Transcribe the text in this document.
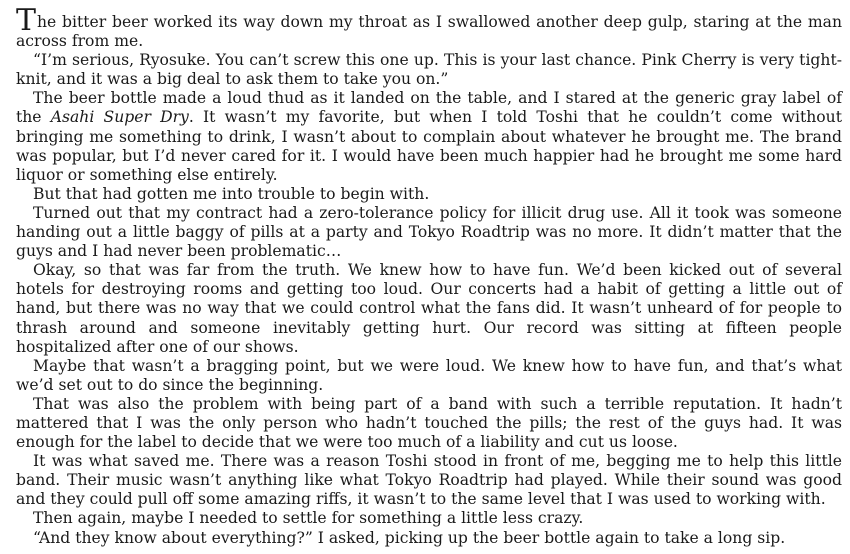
The bitter beer worked its way down my throat as I swallowed another deep gulp, staring at the man across from me.

“I’m serious, Ryosuke. You can’t screw this one up. This is your last chance. Pink Cherry is very tight-knit, and it was a big deal to ask them to take you on.”

The beer bottle made a loud thud as it landed on the table, and I stared at the generic gray label of the Asahi Super Dry. It wasn’t my favorite, but when I told Toshi that he couldn’t come without bringing me something to drink, I wasn’t about to complain about whatever he brought me. The brand was popular, but I’d never cared for it. I would have been much happier had he brought me some hard liquor or something else entirely.

But that had gotten me into trouble to begin with.

Turned out that my contract had a zero-tolerance policy for illicit drug use. All it took was someone handing out a little baggy of pills at a party and Tokyo Roadtrip was no more. It didn’t matter that the guys and I had never been problematic…

Okay, so that was far from the truth. We knew how to have fun. We’d been kicked out of several hotels for destroying rooms and getting too loud. Our concerts had a habit of getting a little out of hand, but there was no way that we could control what the fans did. It wasn’t unheard of for people to thrash around and someone inevitably getting hurt. Our record was sitting at fifteen people hospitalized after one of our shows.

Maybe that wasn’t a bragging point, but we were loud. We knew how to have fun, and that’s what we’d set out to do since the beginning.

That was also the problem with being part of a band with such a terrible reputation. It hadn’t mattered that I was the only person who hadn’t touched the pills; the rest of the guys had. It was enough for the label to decide that we were too much of a liability and cut us loose.

It was what saved me. There was a reason Toshi stood in front of me, begging me to help this little band. Their music wasn’t anything like what Tokyo Roadtrip had played. While their sound was good and they could pull off some amazing riffs, it wasn’t to the same level that I was used to working with.

Then again, maybe I needed to settle for something a little less crazy.

“And they know about everything?” I asked, picking up the beer bottle again to take a long sip.
